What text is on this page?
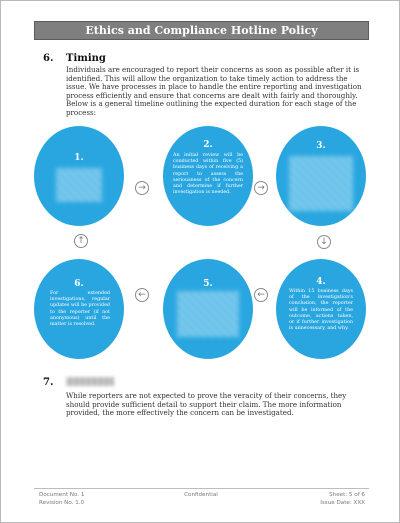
Ethics and Compliance Hotline Policy
6. Timing

Individuals are encouraged to report their concerns as soon as possible after it is identified. This will allow the organization to take timely action to address the issue. We have processes in place to handle the entire reporting and investigation process efficiently and ensure that concerns are dealt with fairly and thoroughly. Below is a general timeline outlining the expected duration for each stage of the process:

1.
2.

An initial review will be conducted within five (5) business days of receiving a report to assess the seriousness of the concern and determine if further investigation is needed.

3.
6.

For extended investigations, regular updates will be provided to the reporter (if not anonymous) until the matter is resolved.

5.	4.

Within 15 business days of the investigation's conclusion, the reporter will be informed of the outcome, actions taken, or if further investigation is unnecessary, and why.

→	→
↓
←
←
↑
7.

While reporters are not expected to prove the veracity of their concerns, they should provide sufficient detail to support their claim. The more information provided, the more effectively the concern can be investigated.

Document No. 1
Revision No. 1.0
Confidential	Sheet: 5 of 6
Issue Date: XXX
